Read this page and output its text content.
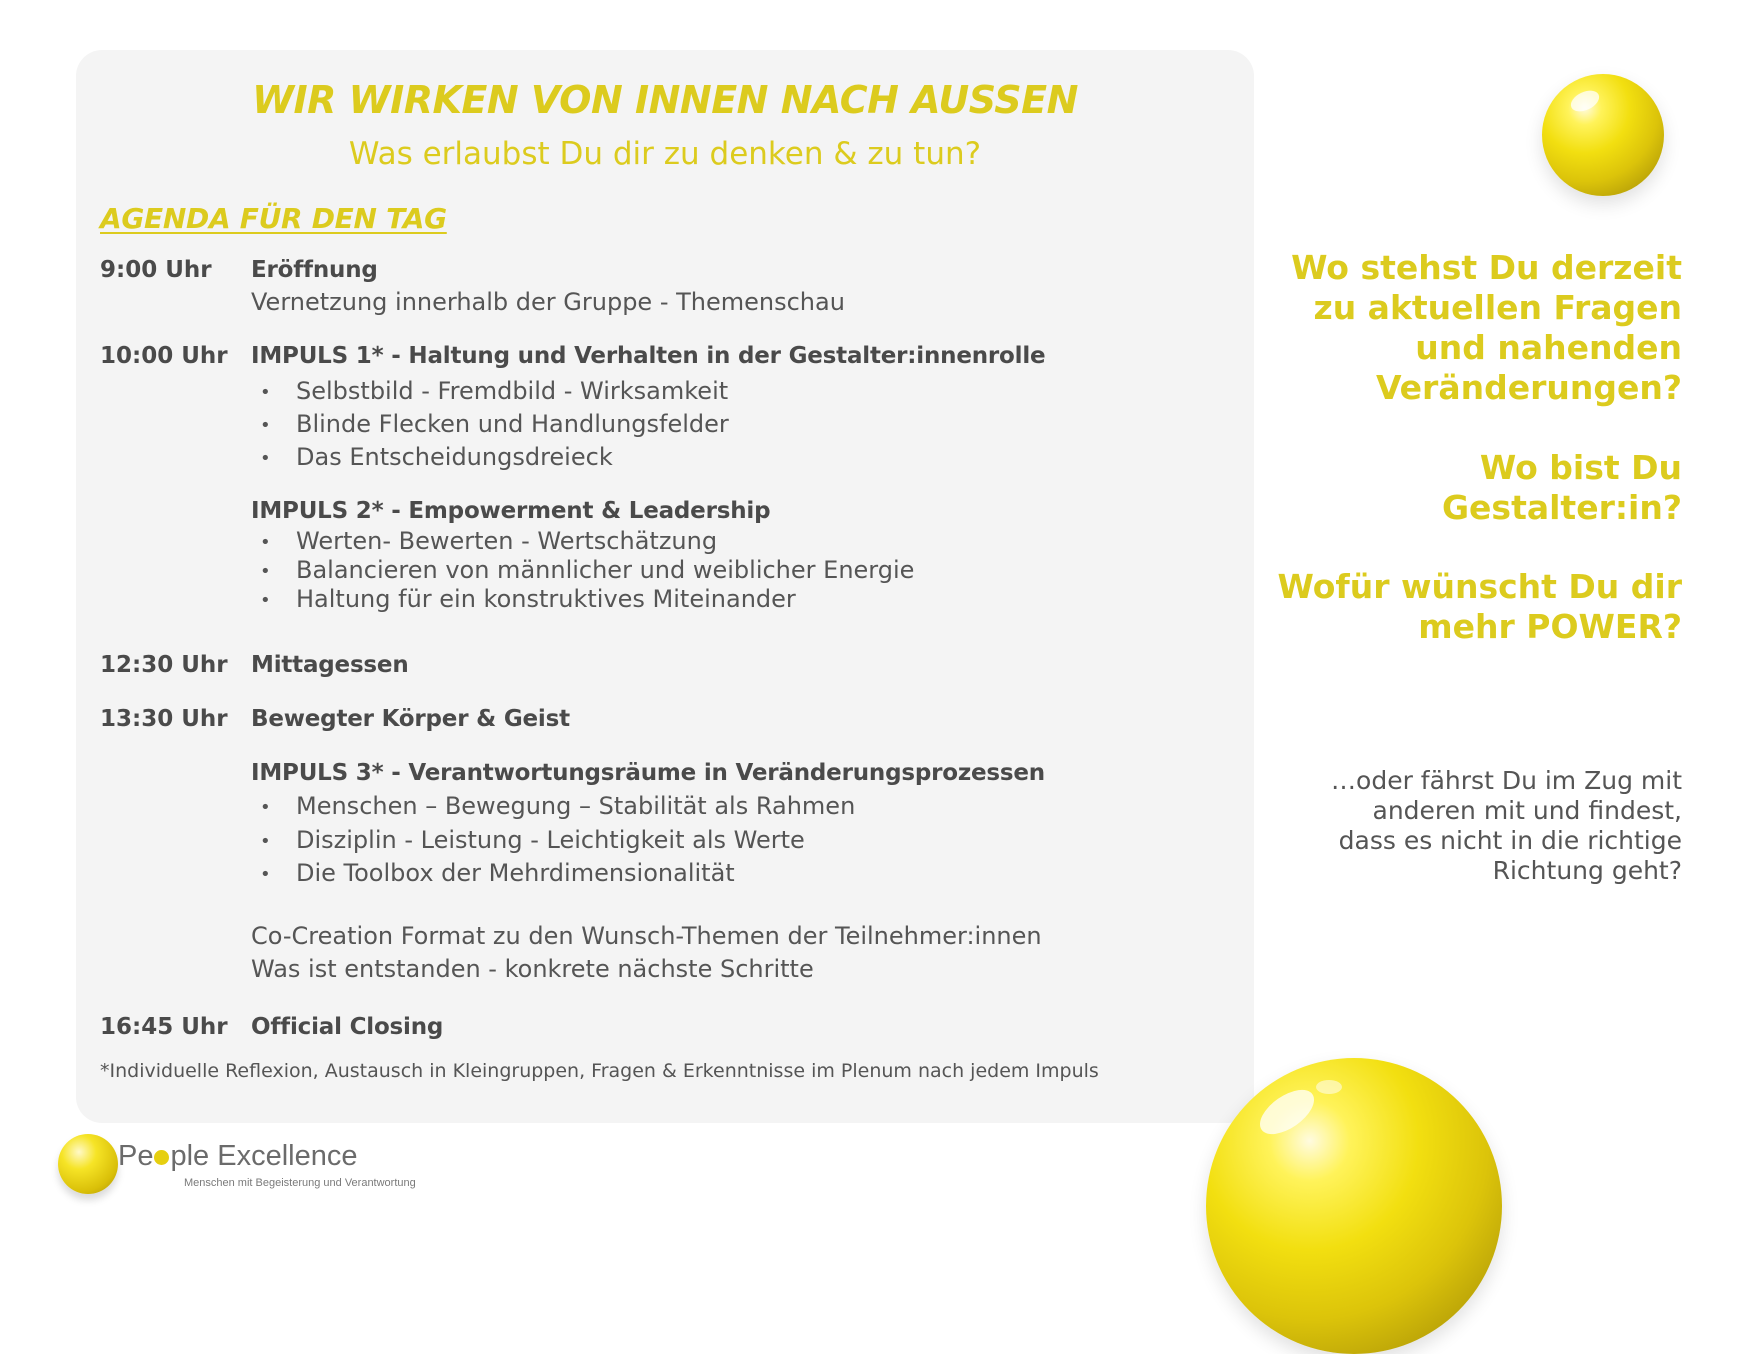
WIR WIRKEN VON INNEN NACH AUSSEN
Was erlaubst Du dir zu denken & zu tun?
AGENDA FÜR DEN TAG
9:00 Uhr Eröffnung
Vernetzung innerhalb der Gruppe - Themenschau
10:00 Uhr IMPULS 1* - Haltung und Verhalten in der Gestalter:innenrolle
• Selbstbild - Fremdbild - Wirksamkeit
• Blinde Flecken und Handlungsfelder
• Das Entscheidungsdreieck
IMPULS 2* - Empowerment & Leadership
• Werten- Bewerten - Wertschätzung
• Balancieren von männlicher und weiblicher Energie
• Haltung für ein konstruktives Miteinander
12:30 Uhr Mittagessen
13:30 Uhr Bewegter Körper & Geist
IMPULS 3* - Verantwortungsräume in Veränderungsprozessen
• Menschen – Bewegung – Stabilität als Rahmen
• Disziplin - Leistung - Leichtigkeit als Werte
• Die Toolbox der Mehrdimensionalität
Co-Creation Format zu den Wunsch-Themen der Teilnehmer:innen
Was ist entstanden - konkrete nächste Schritte
16:45 Uhr Official Closing
*Individuelle Reflexion, Austausch in Kleingruppen, Fragen & Erkenntnisse im Plenum nach jedem Impuls
Wo stehst Du derzeit
zu aktuellen Fragen
und nahenden
Veränderungen?
Wo bist Du
Gestalter:in?
Wofür wünscht Du dir
mehr POWER?
…oder fährst Du im Zug mit
anderen mit und findest,
dass es nicht in die richtige
Richtung geht?
Pe ple Excellence
Menschen mit Begeisterung und Verantwortung
